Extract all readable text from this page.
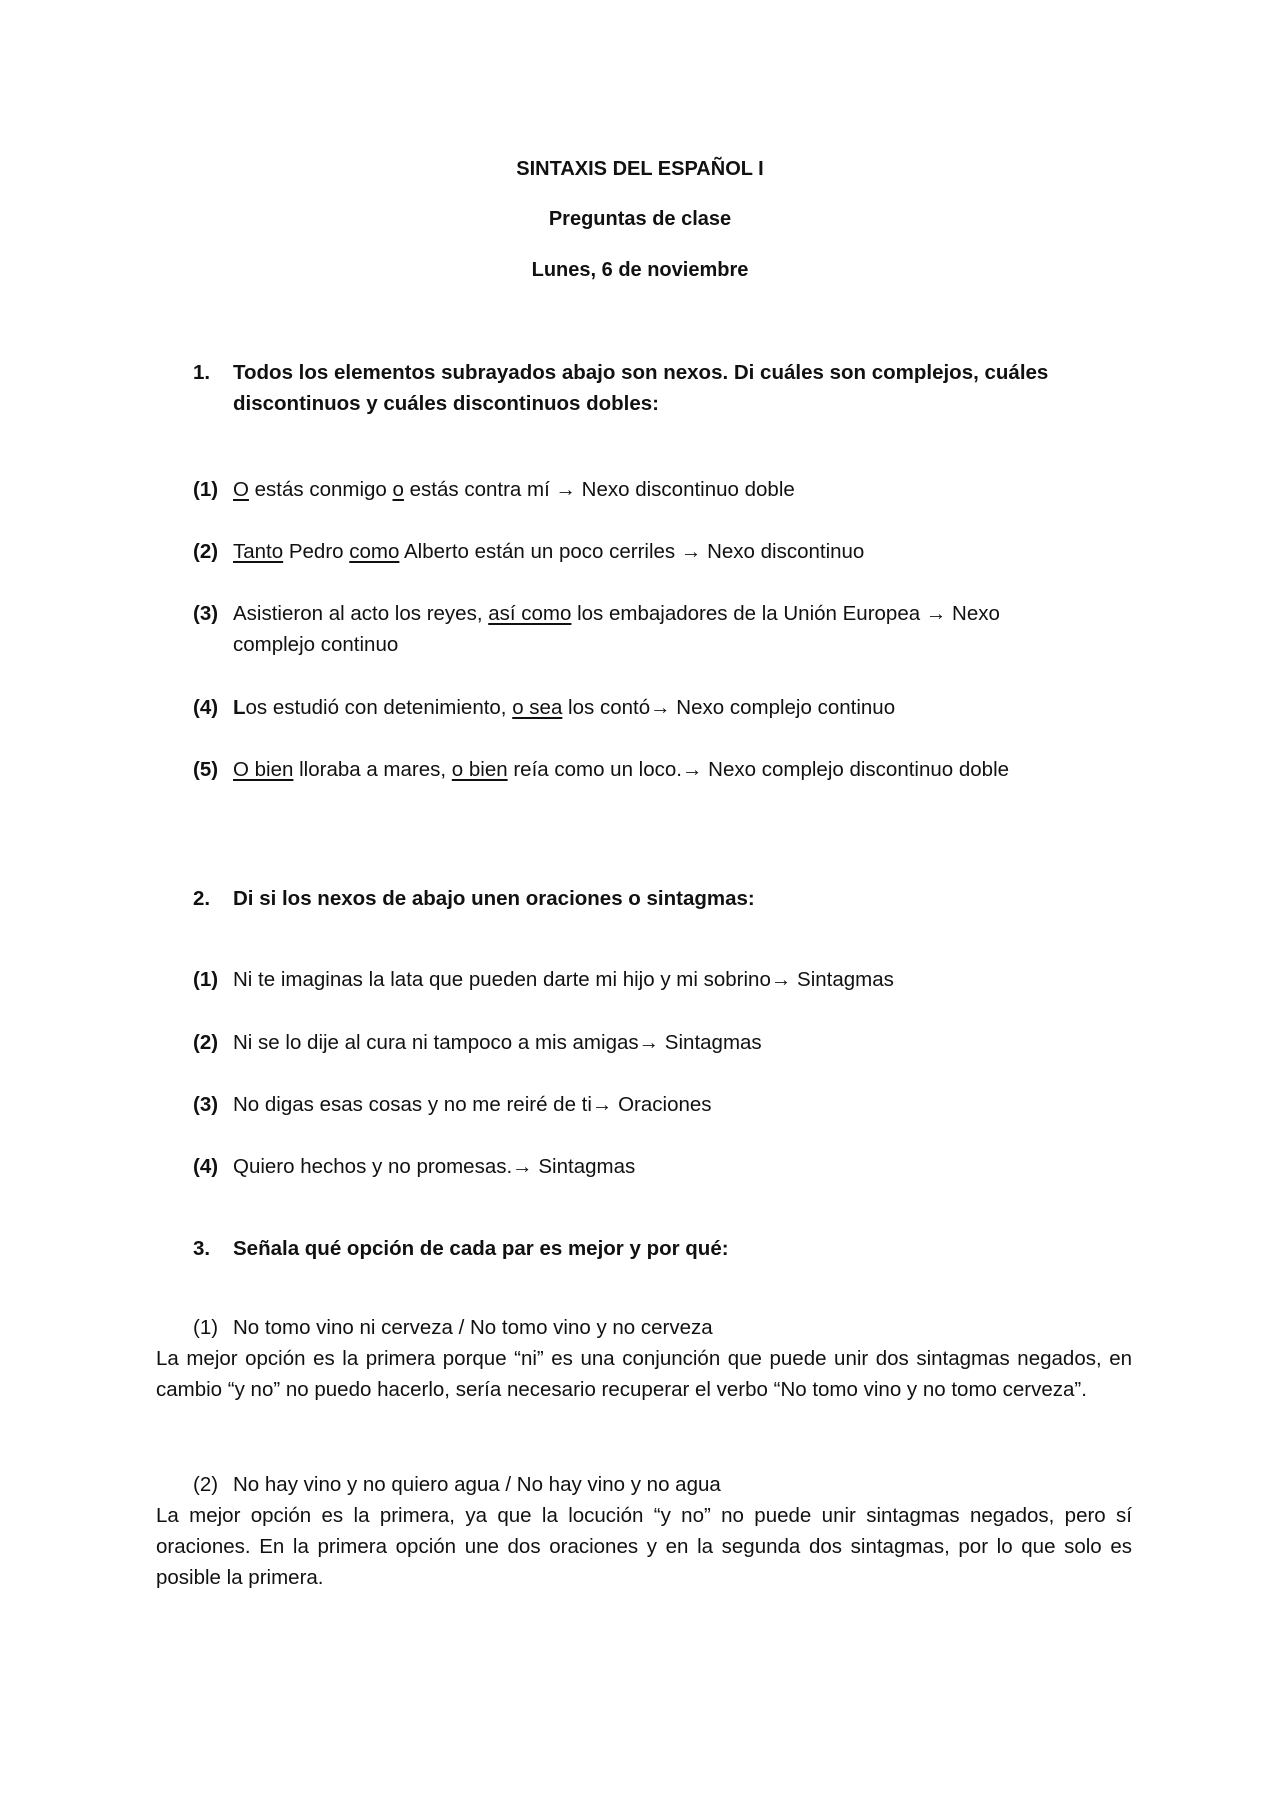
SINTAXIS DEL ESPAÑOL I
Preguntas de clase
Lunes, 6 de noviembre
1. Todos los elementos subrayados abajo son nexos. Di cuáles son complejos, cuáles discontinuos y cuáles discontinuos dobles:
(1) O estás conmigo o estás contra mí → Nexo discontinuo doble
(2) Tanto Pedro como Alberto están un poco cerriles → Nexo discontinuo
(3) Asistieron al acto los reyes, así como los embajadores de la Unión Europea → Nexo complejo continuo
(4) Los estudió con detenimiento, o sea los contó→ Nexo complejo continuo
(5) O bien lloraba a mares, o bien reía como un loco.→ Nexo complejo discontinuo doble
2. Di si los nexos de abajo unen oraciones o sintagmas:
(1) Ni te imaginas la lata que pueden darte mi hijo y mi sobrino→ Sintagmas
(2) Ni se lo dije al cura ni tampoco a mis amigas→ Sintagmas
(3) No digas esas cosas y no me reiré de ti→ Oraciones
(4) Quiero hechos y no promesas.→ Sintagmas
3. Señala qué opción de cada par es mejor y por qué:
(1) No tomo vino ni cerveza / No tomo vino y no cerveza
La mejor opción es la primera porque “ni” es una conjunción que puede unir dos sintagmas negados, en cambio “y no” no puedo hacerlo, sería necesario recuperar el verbo “No tomo vino y no tomo cerveza”.
(2) No hay vino y no quiero agua / No hay vino y no agua
La mejor opción es la primera, ya que la locución “y no” no puede unir sintagmas negados, pero sí oraciones. En la primera opción une dos oraciones y en la segunda dos sintagmas, por lo que solo es posible la primera.
